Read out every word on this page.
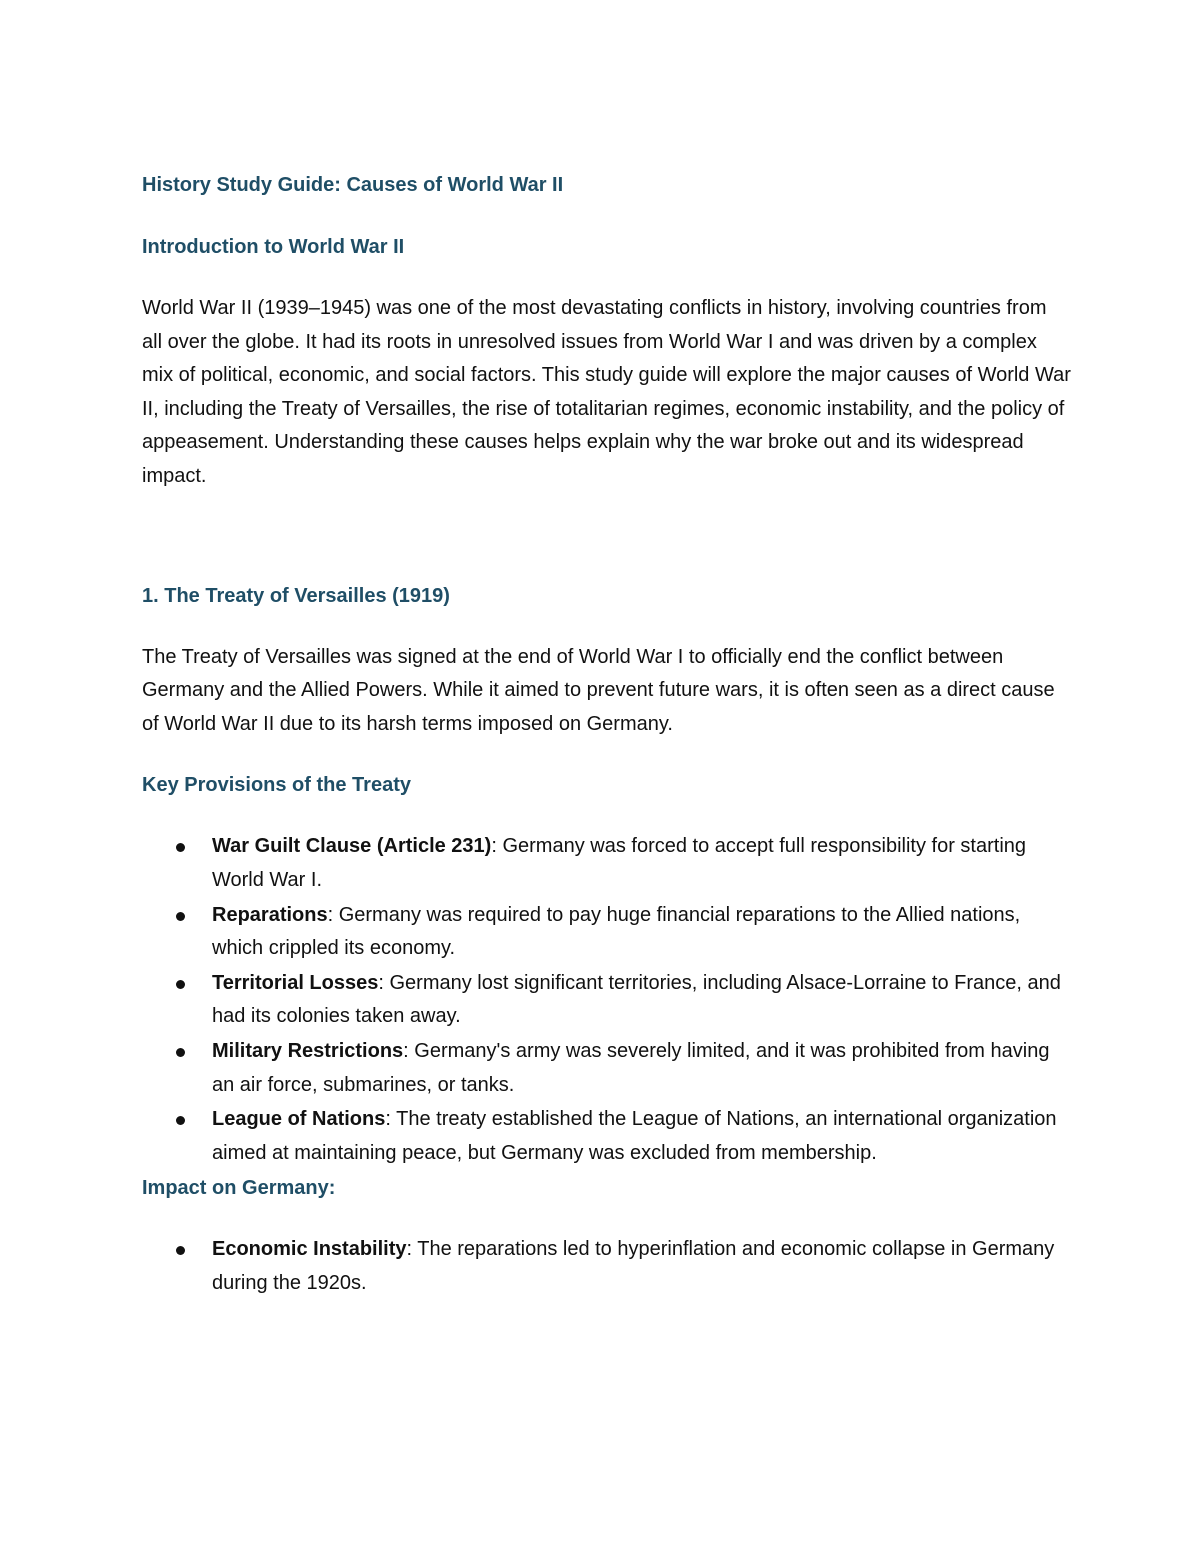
History Study Guide: Causes of World War II
Introduction to World War II

World War II (1939–1945) was one of the most devastating conflicts in history, involving countries from all over the globe. It had its roots in unresolved issues from World War I and was driven by a complex mix of political, economic, and social factors. This study guide will explore the major causes of World War II, including the Treaty of Versailles, the rise of totalitarian regimes, economic instability, and the policy of appeasement. Understanding these causes helps explain why the war broke out and its widespread impact.

1. The Treaty of Versailles (1919)

The Treaty of Versailles was signed at the end of World War I to officially end the conflict between Germany and the Allied Powers. While it aimed to prevent future wars, it is often seen as a direct cause of World War II due to its harsh terms imposed on Germany.

Key Provisions of the Treaty
War Guilt Clause (Article 231): Germany was forced to accept full responsibility for starting World War I.
Reparations: Germany was required to pay huge financial reparations to the Allied nations, which crippled its economy.
Territorial Losses: Germany lost significant territories, including Alsace-Lorraine to France, and had its colonies taken away.
Military Restrictions: Germany's army was severely limited, and it was prohibited from having an air force, submarines, or tanks.
League of Nations: The treaty established the League of Nations, an international organization aimed at maintaining peace, but Germany was excluded from membership.
Impact on Germany:
Economic Instability: The reparations led to hyperinflation and economic collapse in Germany during the 1920s.
